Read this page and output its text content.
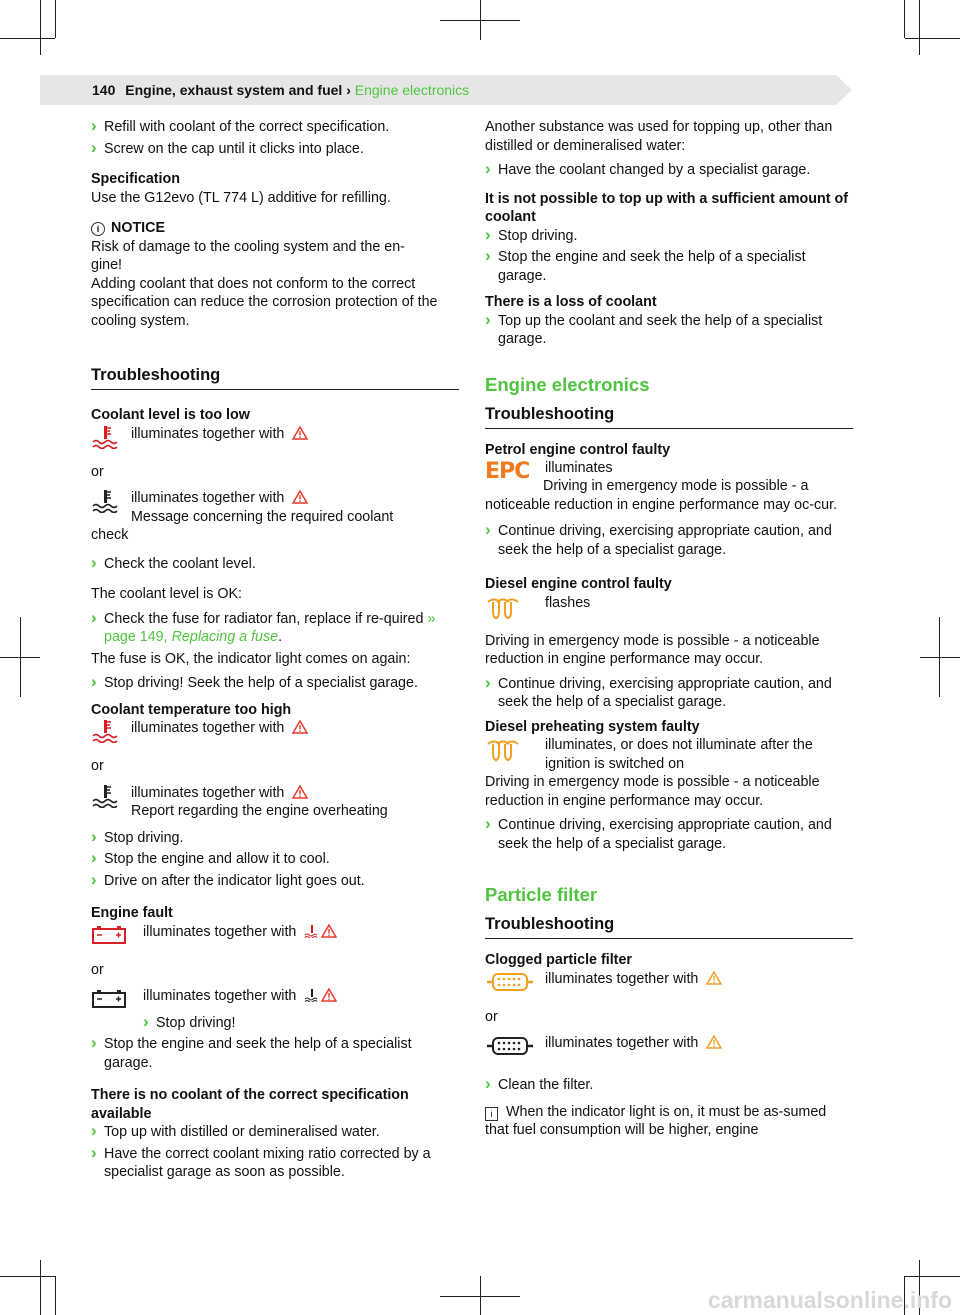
140 Engine, exhaust system and fuel › Engine electronics
› Refill with coolant of the correct specification.
› Screw on the cap until it clicks into place.
Specification

Use the G12evo (TL 774 L) additive for refilling.

i NOTICE
Risk of damage to the cooling system and the en-
gine!

Adding coolant that does not conform to the correct specification can reduce the corrosion protection of the cooling system.

Troubleshooting
Coolant level is too low
illuminates together with
or
illuminates together with
Message concerning the required coolant

check

› Check the coolant level.

The coolant level is OK:

› Check the fuse for radiator fan, replace if re-quired » page 149, Replacing a fuse.

The fuse is OK, the indicator light comes on again:

› Stop driving! Seek the help of a specialist garage.
Coolant temperature too high
illuminates together with
or
illuminates together with
Report regarding the engine overheating
› Stop driving.
› Stop the engine and allow it to cool.
› Drive on after the indicator light goes out.
Engine fault
illuminates together with
or
illuminates together with
› Stop driving!
› Stop the engine and seek the help of a specialist garage.
There is no coolant of the correct specification available
› Top up with distilled or demineralised water.
› Have the correct coolant mixing ratio corrected by a specialist garage as soon as possible.

Another substance was used for topping up, other than distilled or demineralised water:

› Have the coolant changed by a specialist garage.
It is not possible to top up with a sufficient amount of coolant
› Stop driving.
› Stop the engine and seek the help of a specialist garage.
There is a loss of coolant
› Top up the coolant and seek the help of a specialist garage.
Engine electronics
Troubleshooting
Petrol engine control faulty
EPC illuminates

Driving in emergency mode is possible - a noticeable reduction in engine performance may oc-cur.

› Continue driving, exercising appropriate caution, and seek the help of a specialist garage.
Diesel engine control faulty
flashes

Driving in emergency mode is possible - a noticeable reduction in engine performance may occur.

› Continue driving, exercising appropriate caution, and seek the help of a specialist garage.
Diesel preheating system faulty
illuminates, or does not illuminate after the ignition is switched on

Driving in emergency mode is possible - a noticeable reduction in engine performance may occur.

› Continue driving, exercising appropriate caution, and seek the help of a specialist garage.
Particle filter
Troubleshooting
Clogged particle filter
illuminates together with
or
illuminates together with
› Clean the filter.

i When the indicator light is on, it must be as-sumed that fuel consumption will be higher, engine

carmanualsonline.info
